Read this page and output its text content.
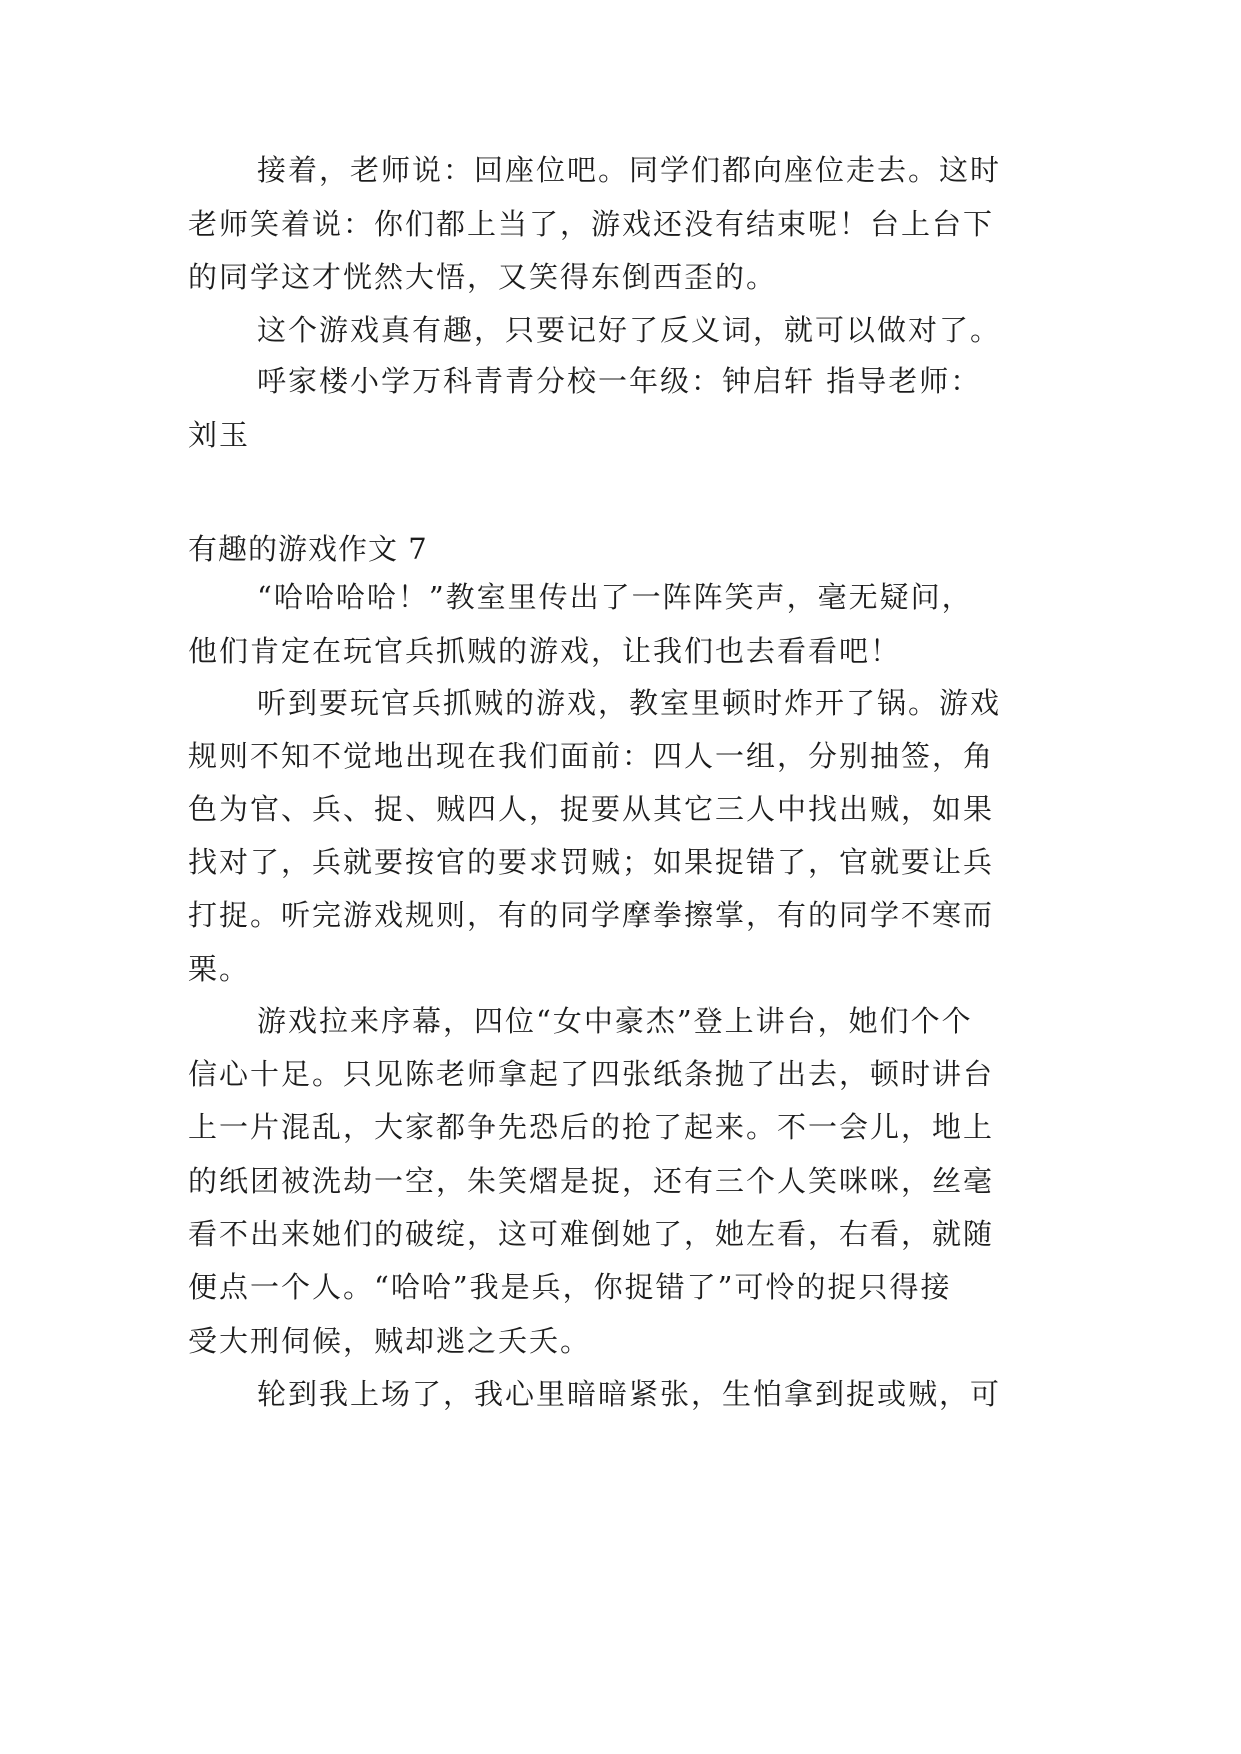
接着，老师说：回座位吧。同学们都向座位走去。这时
老师笑着说：你们都上当了，游戏还没有结束呢！台上台下
的同学这才恍然大悟，又笑得东倒西歪的。
这个游戏真有趣，只要记好了反义词，就可以做对了。
呼家楼小学万科青青分校一年级：钟启轩 指导老师：
刘玉
有趣的游戏作文 7
“哈哈哈哈！”教室里传出了一阵阵笑声，毫无疑问，
他们肯定在玩官兵抓贼的游戏，让我们也去看看吧！
听到要玩官兵抓贼的游戏，教室里顿时炸开了锅。游戏
规则不知不觉地出现在我们面前：四人一组，分别抽签，角
色为官、兵、捉、贼四人，捉要从其它三人中找出贼，如果
找对了，兵就要按官的要求罚贼；如果捉错了，官就要让兵
打捉。听完游戏规则，有的同学摩拳擦掌，有的同学不寒而
栗。
游戏拉来序幕，四位“女中豪杰”登上讲台，她们个个
信心十足。只见陈老师拿起了四张纸条抛了出去，顿时讲台
上一片混乱，大家都争先恐后的抢了起来。不一会儿，地上
的纸团被洗劫一空，朱笑熠是捉，还有三个人笑咪咪，丝毫
看不出来她们的破绽，这可难倒她了，她左看，右看，就随
便点一个人。“哈哈”我是兵，你捉错了”可怜的捉只得接
受大刑伺候，贼却逃之夭夭。
轮到我上场了，我心里暗暗紧张，生怕拿到捉或贼，可
